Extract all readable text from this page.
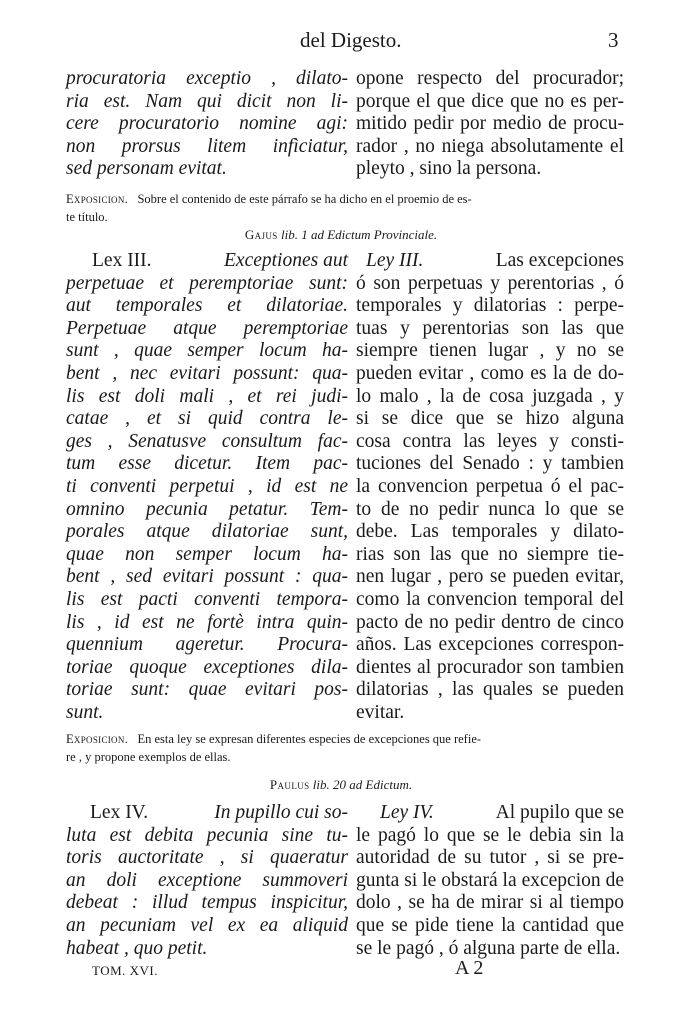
del Digesto.	3
procuratoria exceptio , dilato-
ria est. Nam qui dicit non li-
cere procuratorio nomine agi:
non prorsus litem infìciatur,
sed personam evitat.
opone respecto del procurador;
porque el que dice que no es per-
mitido pedir por medio de procu-
rador , no niega absolutamente el
pleyto , sino la persona.
Exposicion. Sobre el contenido de este párrafo se ha dicho en el proemio de es-
te título.
Gajus lib. 1 ad Edictum Provinciale.
Lex III.	Exceptiones aut
perpetuae et peremptoriae sunt:
aut temporales et dilatoriae.
Perpetuae atque peremptoriae
sunt , quae semper locum ha-
bent , nec evitari possunt: qua-
lis est doli mali , et rei judi-
catae , et si quid contra le-
ges , Senatusve consultum fac-
tum esse dicetur. Item pac-
ti conventi perpetui , id est ne
omnino pecunia petatur. Tem-
porales atque dilatoriae sunt,
quae non semper locum ha-
bent , sed evitari possunt : qua-
lis est pacti conventi tempora-
lis , id est ne fortè intra quin-
quennium ageretur. Procura-
toriae quoque exceptiones dila-
toriae sunt: quae evitari pos-
sunt.
Ley III.	Las excepciones
ó son perpetuas y perentorias , ó
temporales y dilatorias : perpe-
tuas y perentorias son las que
siempre tienen lugar , y no se
pueden evitar , como es la de do-
lo malo , la de cosa juzgada , y
si se dice que se hizo alguna
cosa contra las leyes y consti-
tuciones del Senado : y tambien
la convencion perpetua ó el pac-
to de no pedir nunca lo que se
debe. Las temporales y dilato-
rias son las que no siempre tie-
nen lugar , pero se pueden evitar,
como la convencion temporal del
pacto de no pedir dentro de cinco
años. Las excepciones correspon-
dientes al procurador son tambien
dilatorias , las quales se pueden
evitar.
Exposicion. En esta ley se expresan diferentes especies de excepciones que refie-
re , y propone exemplos de ellas.
Paulus lib. 20 ad Edictum.
Lex IV.	In pupillo cui so-
luta est debita pecunia sine tu-
toris auctoritate , si quaeratur
an doli exceptione summoveri
debeat : illud tempus inspicitur,
an pecuniam vel ex ea aliquid
habeat , quo petit.
Ley IV.	Al pupilo que se
le pagó lo que se le debia sin la
autoridad de su tutor , si se pre-
gunta si le obstará la excepcion de
dolo , se ha de mirar si al tiempo
que se pide tiene la cantidad que
se le pagó , ó alguna parte de ella.
TOM. XVI.	A 2
